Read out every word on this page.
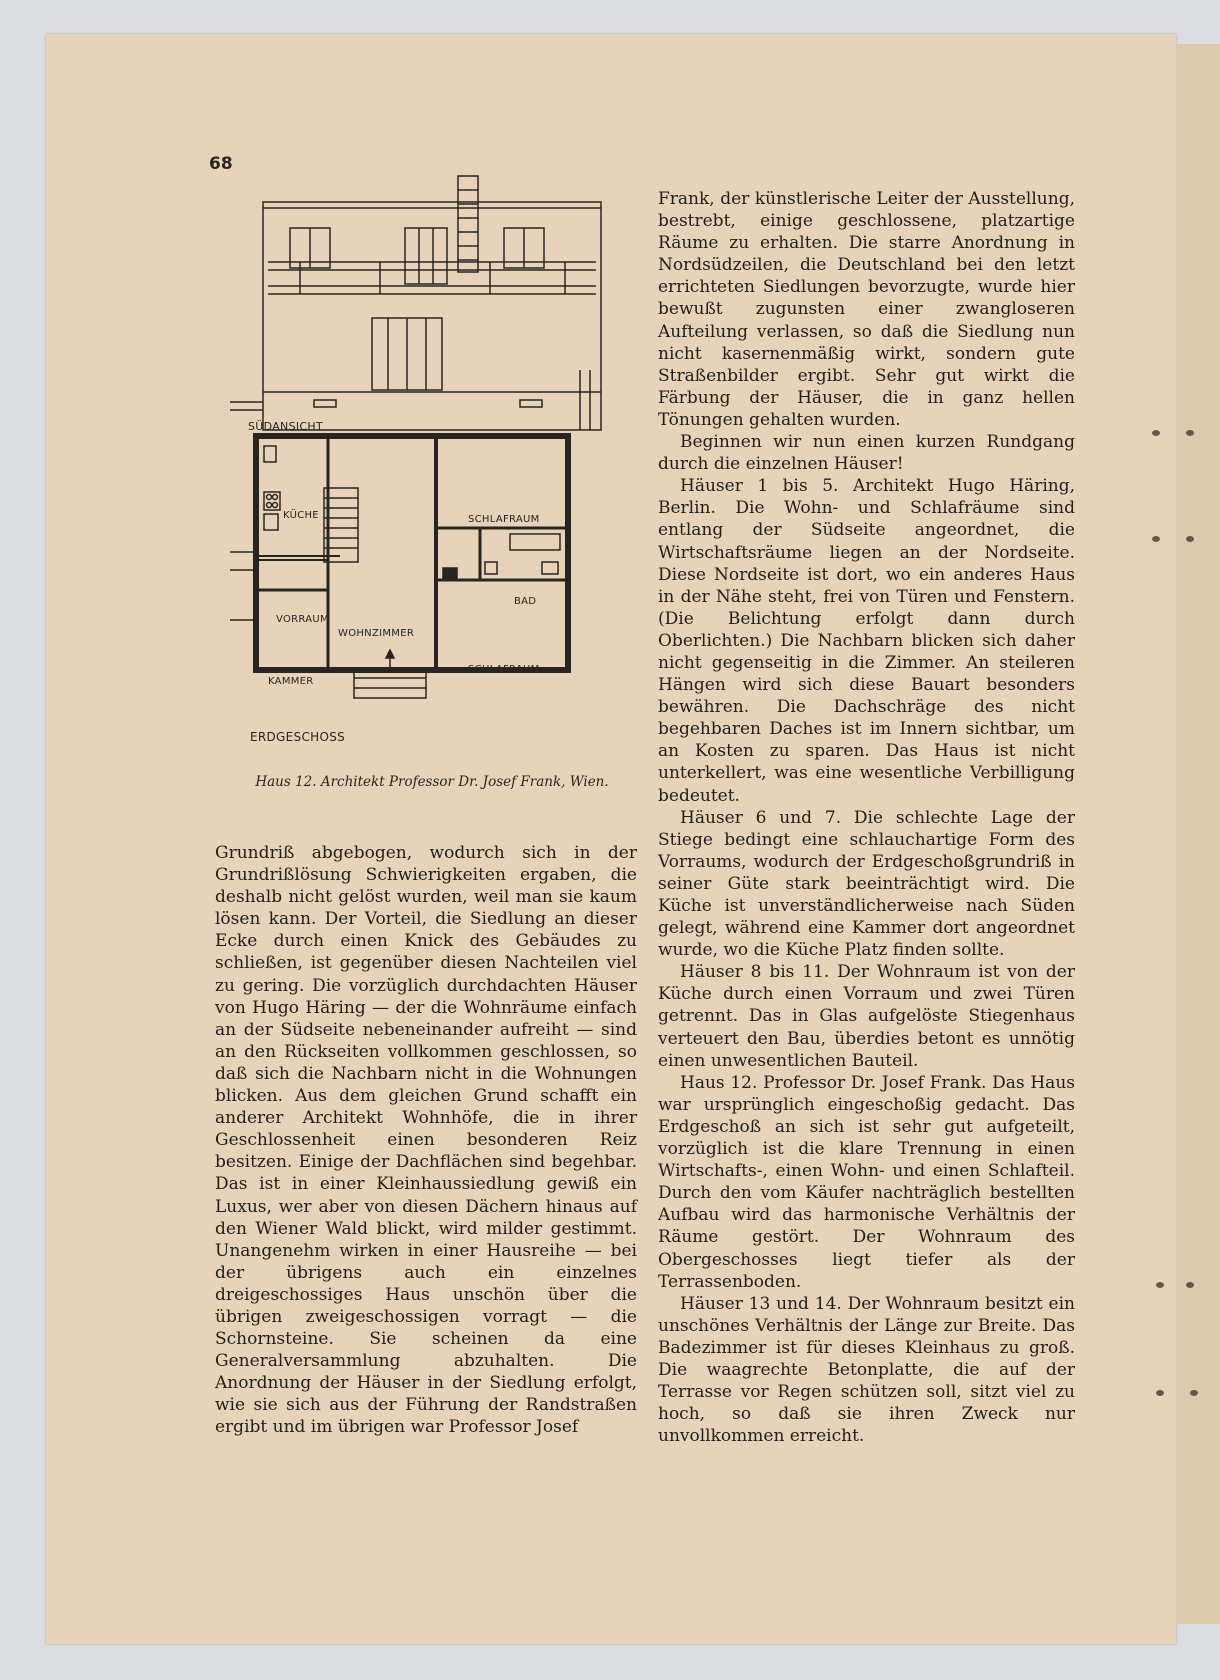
68
SÜDANSICHT
ERDGESCHOSS
KÜCHE	SCHLAFRAUM
BAD
VORRAUM
WOHNZIMMER
SCHLAFRAUM
KAMMER
Haus 12. Architekt Professor Dr. Josef Frank, Wien.

Grundriß abgebogen, wodurch sich in der Grundrißlösung Schwierigkeiten ergaben, die deshalb nicht gelöst wurden, weil man sie kaum lösen kann. Der Vorteil, die Siedlung an dieser Ecke durch einen Knick des Gebäudes zu schließen, ist gegenüber diesen Nachteilen viel zu gering. Die vorzüglich durchdachten Häuser von Hugo Häring — der die Wohnräume einfach an der Südseite nebeneinander aufreiht — sind an den Rückseiten vollkommen geschlossen, so daß sich die Nachbarn nicht in die Wohnungen blicken. Aus dem gleichen Grund schafft ein anderer Architekt Wohnhöfe, die in ihrer Geschlossenheit einen besonderen Reiz besitzen. Einige der Dachflächen sind begehbar. Das ist in einer Kleinhaussiedlung gewiß ein Luxus, wer aber von diesen Dächern hinaus auf den Wiener Wald blickt, wird milder gestimmt. Unangenehm wirken in einer Hausreihe — bei der übrigens auch ein einzelnes dreigeschossiges Haus unschön über die übrigen zweigeschossigen vorragt — die Schornsteine. Sie scheinen da eine Generalversammlung abzuhalten. Die Anordnung der Häuser in der Siedlung erfolgt, wie sie sich aus der Führung der Randstraßen ergibt und im übrigen war Professor Josef

Frank, der künstlerische Leiter der Ausstellung, bestrebt, einige geschlossene, platzartige Räume zu erhalten. Die starre Anordnung in Nordsüdzeilen, die Deutschland bei den letzt errichteten Siedlungen bevorzugte, wurde hier bewußt zugunsten einer zwangloseren Aufteilung verlassen, so daß die Siedlung nun nicht kasernenmäßig wirkt, sondern gute Straßenbilder ergibt. Sehr gut wirkt die Färbung der Häuser, die in ganz hellen Tönungen gehalten wurden.

Beginnen wir nun einen kurzen Rundgang durch die einzelnen Häuser!

Häuser 1 bis 5. Architekt Hugo Häring, Berlin. Die Wohn- und Schlafräume sind entlang der Südseite angeordnet, die Wirtschaftsräume liegen an der Nordseite. Diese Nordseite ist dort, wo ein anderes Haus in der Nähe steht, frei von Türen und Fenstern. (Die Belichtung erfolgt dann durch Oberlichten.) Die Nachbarn blicken sich daher nicht gegenseitig in die Zimmer. An steileren Hängen wird sich diese Bauart besonders bewähren. Die Dachschräge des nicht begehbaren Daches ist im Innern sichtbar, um an Kosten zu sparen. Das Haus ist nicht unterkellert, was eine wesentliche Verbilligung bedeutet.

Häuser 6 und 7. Die schlechte Lage der Stiege bedingt eine schlauchartige Form des Vorraums, wodurch der Erdgeschoßgrundriß in seiner Güte stark beeinträchtigt wird. Die Küche ist unverständlicherweise nach Süden gelegt, während eine Kammer dort angeordnet wurde, wo die Küche Platz finden sollte.

Häuser 8 bis 11. Der Wohnraum ist von der Küche durch einen Vorraum und zwei Türen getrennt. Das in Glas aufgelöste Stiegenhaus verteuert den Bau, überdies betont es unnötig einen unwesentlichen Bauteil.

Haus 12. Professor Dr. Josef Frank. Das Haus war ursprünglich eingeschoßig gedacht. Das Erdgeschoß an sich ist sehr gut aufgeteilt, vorzüglich ist die klare Trennung in einen Wirtschafts-, einen Wohn- und einen Schlafteil. Durch den vom Käufer nachträglich bestellten Aufbau wird das harmonische Verhältnis der Räume gestört. Der Wohnraum des Obergeschosses liegt tiefer als der Terrassenboden.

Häuser 13 und 14. Der Wohnraum besitzt ein unschönes Verhältnis der Länge zur Breite. Das Badezimmer ist für dieses Kleinhaus zu groß. Die waagrechte Betonplatte, die auf der Terrasse vor Regen schützen soll, sitzt viel zu hoch, so daß sie ihren Zweck nur unvollkommen erreicht.
